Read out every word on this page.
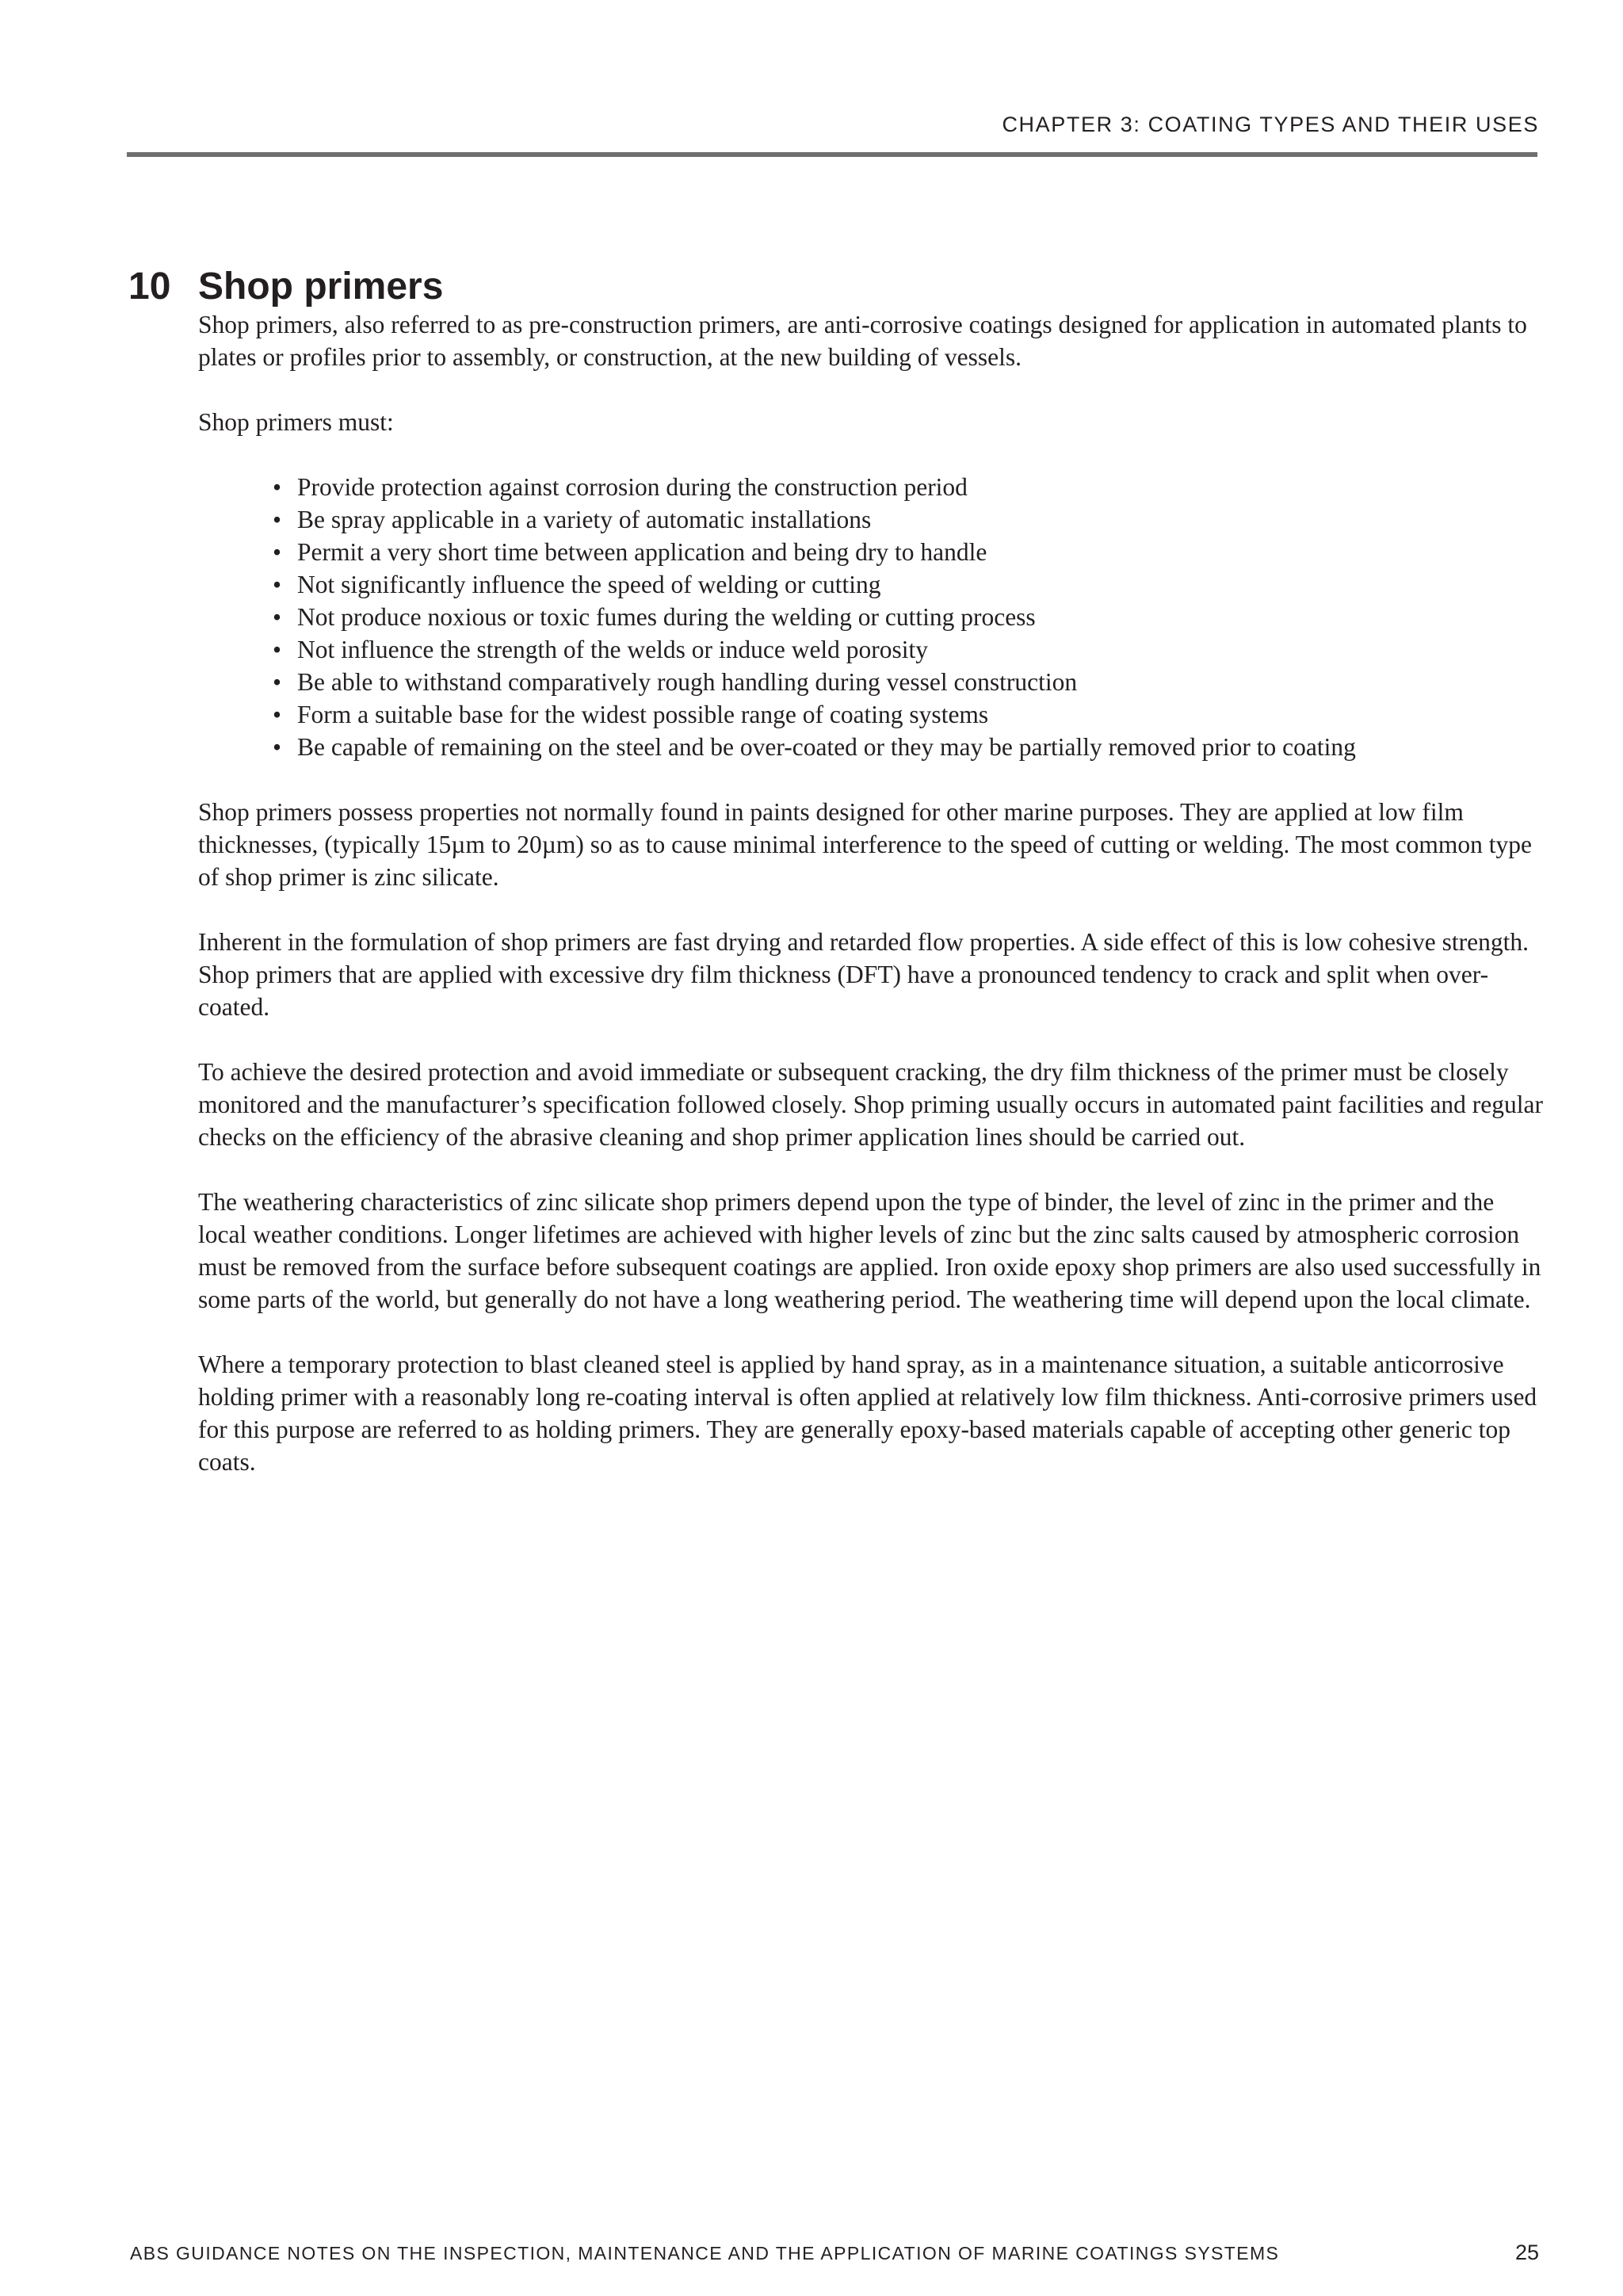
CHAPTER 3: COATING TYPES AND THEIR USES
10 Shop primers

Shop primers, also referred to as pre-construction primers, are anti-corrosive coatings designed for application in automated plants to plates or profiles prior to assembly, or construction, at the new building of vessels.

Shop primers must:

• Provide protection against corrosion during the construction period
• Be spray applicable in a variety of automatic installations
• Permit a very short time between application and being dry to handle
• Not significantly influence the speed of welding or cutting
• Not produce noxious or toxic fumes during the welding or cutting process
• Not influence the strength of the welds or induce weld porosity
• Be able to withstand comparatively rough handling during vessel construction
• Form a suitable base for the widest possible range of coating systems
• Be capable of remaining on the steel and be over-coated or they may be partially removed prior to coating

Shop primers possess properties not normally found in paints designed for other marine purposes. They are applied at low film thicknesses, (typically 15µm to 20µm) so as to cause minimal interference to the speed of cutting or welding. The most common type of shop primer is zinc silicate.

Inherent in the formulation of shop primers are fast drying and retarded flow properties. A side effect of this is low cohesive strength. Shop primers that are applied with excessive dry film thickness (DFT) have a pronounced tendency to crack and split when over-coated.

To achieve the desired protection and avoid immediate or subsequent cracking, the dry film thickness of the primer must be closely monitored and the manufacturer’s specification followed closely. Shop priming usually occurs in automated paint facilities and regular checks on the efficiency of the abrasive cleaning and shop primer application lines should be carried out.

The weathering characteristics of zinc silicate shop primers depend upon the type of binder, the level of zinc in the primer and the local weather conditions. Longer lifetimes are achieved with higher levels of zinc but the zinc salts caused by atmospheric corrosion must be removed from the surface before subsequent coatings are applied. Iron oxide epoxy shop primers are also used successfully in some parts of the world, but generally do not have a long weathering period. The weathering time will depend upon the local climate.

Where a temporary protection to blast cleaned steel is applied by hand spray, as in a maintenance situation, a suitable anticorrosive holding primer with a reasonably long re-coating interval is often applied at relatively low film thickness. Anti-corrosive primers used for this purpose are referred to as holding primers. They are generally epoxy-based materials capable of accepting other generic top coats.

ABS GUIDANCE NOTES ON THE INSPECTION, MAINTENANCE AND THE APPLICATION OF MARINE COATINGS SYSTEMS	25
